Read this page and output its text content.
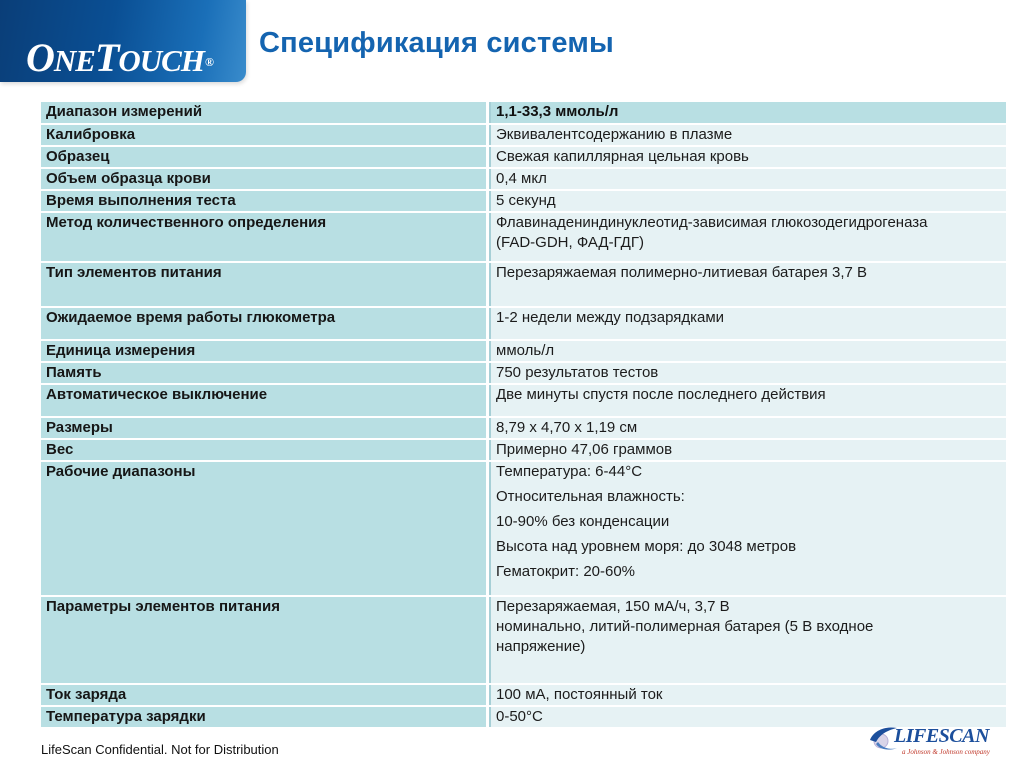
ONETOUCH®
Спецификация системы
Диапазон измерений	1,1-33,3 ммоль/л
Калибровка	Эквивалентсодержанию в плазме
Образец	Свежая капиллярная цельная кровь
Объем образца крови	0,4 мкл
Время выполнения теста	5 секунд
Метод количественного определения	Флавинадениндинуклеотид-зависимая глюкозодегидрогеназа
(FAD-GDH, ФАД-ГДГ)
Тип элементов питания	Перезаряжаемая полимерно-литиевая батарея 3,7 В
Ожидаемое время работы глюкометра	1-2 недели между подзарядками
Единица измерения	ммоль/л
Память	750 результатов тестов
Автоматическое выключение	Две минуты спустя после последнего действия
Размеры	8,79 x 4,70 x 1,19 см
Вес	Примерно 47,06 граммов
Рабочие диапазоны	Температура: 6-44°C
Относительная влажность:
10-90% без конденсации
Высота над уровнем моря: до 3048 метров
Гематокрит: 20-60%
Параметры элементов питания	Перезаряжаемая, 150 мА/ч, 3,7 В
номинально, литий-полимерная батарея (5 В входное
напряжение)
Ток заряда	100 мА, постоянный ток
Температура зарядки	0-50°C
LifeScan Confidential. Not for Distribution
LIFESCAN
a Johnson & Johnson company
